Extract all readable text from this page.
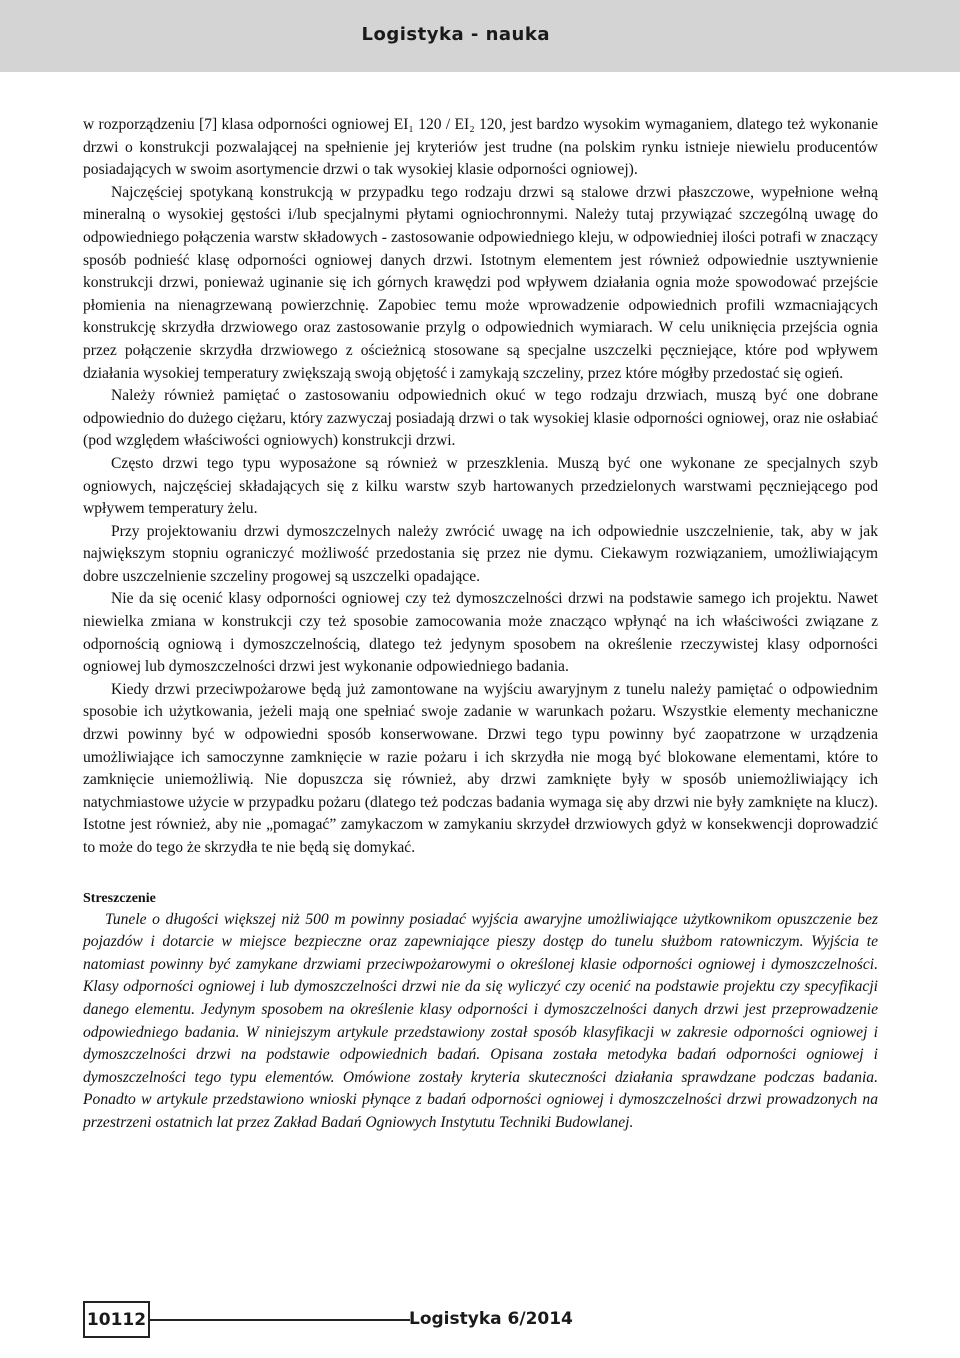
Logistyka - nauka

w rozporządzeniu [7] klasa odporności ogniowej EI₁ 120 / EI₂ 120, jest bardzo wysokim wymaganiem, dlatego też wykonanie drzwi o konstrukcji pozwalającej na spełnienie jej kryteriów jest trudne (na polskim rynku istnieje niewielu producentów posiadających w swoim asortymencie drzwi o tak wysokiej klasie odporności ogniowej).

Najczęściej spotykaną konstrukcją w przypadku tego rodzaju drzwi są stalowe drzwi płaszczowe, wypełnione wełną mineralną o wysokiej gęstości i/lub specjalnymi płytami ogniochronnymi. Należy tutaj przywiązać szczególną uwagę do odpowiedniego połączenia warstw składowych - zastosowanie odpowiedniego kleju, w odpowiedniej ilości potrafi w znaczący sposób podnieść klasę odporności ogniowej danych drzwi. Istotnym elementem jest również odpowiednie usztywnienie konstrukcji drzwi, ponieważ uginanie się ich górnych krawędzi pod wpływem działania ognia może spowodować przejście płomienia na nienagrzewaną powierzchnię. Zapobiec temu może wprowadzenie odpowiednich profili wzmacniających konstrukcję skrzydła drzwiowego oraz zastosowanie przylg o odpowiednich wymiarach. W celu uniknięcia przejścia ognia przez połączenie skrzydła drzwiowego z ościeżnicą stosowane są specjalne uszczelki pęczniejące, które pod wpływem działania wysokiej temperatury zwiększają swoją objętość i zamykają szczeliny, przez które mógłby przedostać się ogień.

Należy również pamiętać o zastosowaniu odpowiednich okuć w tego rodzaju drzwiach, muszą być one dobrane odpowiednio do dużego ciężaru, który zazwyczaj posiadają drzwi o tak wysokiej klasie odporności ogniowej, oraz nie osłabiać (pod względem właściwości ogniowych) konstrukcji drzwi.

Często drzwi tego typu wyposażone są również w przeszklenia. Muszą być one wykonane ze specjalnych szyb ogniowych, najczęściej składających się z kilku warstw szyb hartowanych przedzielonych warstwami pęczniejącego pod wpływem temperatury żelu.

Przy projektowaniu drzwi dymoszczelnych należy zwrócić uwagę na ich odpowiednie uszczelnienie, tak, aby w jak największym stopniu ograniczyć możliwość przedostania się przez nie dymu. Ciekawym rozwiązaniem, umożliwiającym dobre uszczelnienie szczeliny progowej są uszczelki opadające.

Nie da się ocenić klasy odporności ogniowej czy też dymoszczelności drzwi na podstawie samego ich projektu. Nawet niewielka zmiana w konstrukcji czy też sposobie zamocowania może znacząco wpłynąć na ich właściwości związane z odpornością ogniową i dymoszczelnością, dlatego też jedynym sposobem na określenie rzeczywistej klasy odporności ogniowej lub dymoszczelności drzwi jest wykonanie odpowiedniego badania.

Kiedy drzwi przeciwpożarowe będą już zamontowane na wyjściu awaryjnym z tunelu należy pamiętać o odpowiednim sposobie ich użytkowania, jeżeli mają one spełniać swoje zadanie w warunkach pożaru. Wszystkie elementy mechaniczne drzwi powinny być w odpowiedni sposób konserwowane. Drzwi tego typu powinny być zaopatrzone w urządzenia umożliwiające ich samoczynne zamknięcie w razie pożaru i ich skrzydła nie mogą być blokowane elementami, które to zamknięcie uniemożliwią. Nie dopuszcza się również, aby drzwi zamknięte były w sposób uniemożliwiający ich natychmiastowe użycie w przypadku pożaru (dlatego też podczas badania wymaga się aby drzwi nie były zamknięte na klucz). Istotne jest również, aby nie „pomagać” zamykaczom w zamykaniu skrzydeł drzwiowych gdyż w konsekwencji doprowadzić to może do tego że skrzydła te nie będą się domykać.

Streszczenie

Tunele o długości większej niż 500 m powinny posiadać wyjścia awaryjne umożliwiające użytkownikom opuszczenie bez pojazdów i dotarcie w miejsce bezpieczne oraz zapewniające pieszy dostęp do tunelu służbom ratowniczym. Wyjścia te natomiast powinny być zamykane drzwiami przeciwpożarowymi o określonej klasie odporności ogniowej i dymoszczelności. Klasy odporności ogniowej i lub dymoszczelności drzwi nie da się wyliczyć czy ocenić na podstawie projektu czy specyfikacji danego elementu. Jedynym sposobem na określenie klasy odporności i dymoszczelności danych drzwi jest przeprowadzenie odpowiedniego badania. W niniejszym artykule przedstawiony został sposób klasyfikacji w zakresie odporności ogniowej i dymoszczelności drzwi na podstawie odpowiednich badań. Opisana została metodyka badań odporności ogniowej i dymoszczelności tego typu elementów. Omówione zostały kryteria skuteczności działania sprawdzane podczas badania. Ponadto w artykule przedstawiono wnioski płynące z badań odporności ogniowej i dymoszczelności drzwi prowadzonych na przestrzeni ostatnich lat przez Zakład Badań Ogniowych Instytutu Techniki Budowlanej.

10112	Logistyka 6/2014
